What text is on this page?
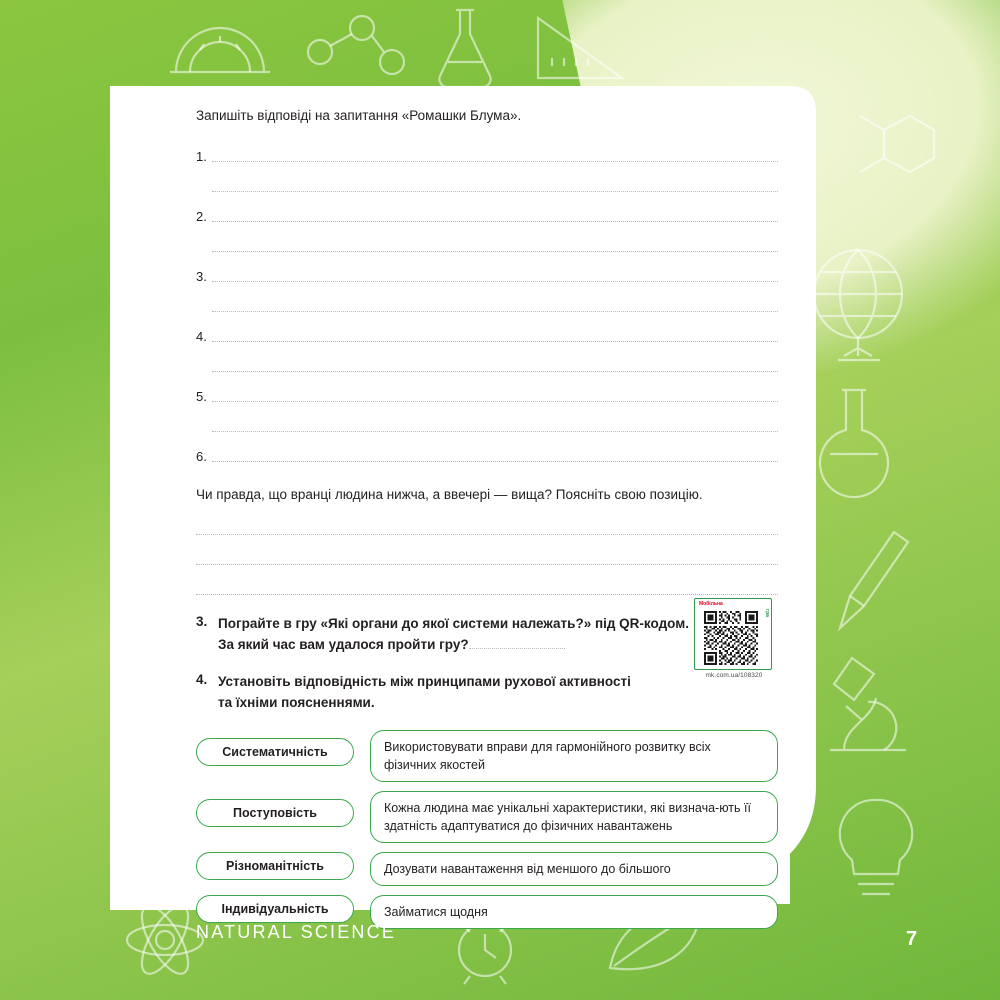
Запишіть відповіді на запитання «Ромашки Блума».

1.
2.
3.
4.
5.
6.

Чи правда, що вранці людина нижча, а ввечері — вища? Поясніть свою позицію.

3. Пограйте в гру «Які органи до якої системи належать?» під QR-кодом.
За який час вам удалося пройти гру?
4. Установіть відповідність між принципами рухової активності
та їхніми поясненнями.
Систематичність	Використовувати вправи для гармонійного розвитку всіх фізичних якостей
Поступовість	Кожна людина має унікальні характеристики, які визнача-ють її здатність адаптуватися до фізичних навантажень
Різноманітність	Дозувати навантаження від меншого до більшого
Індивідуальність	Займатися щодня
Мобільна
гра
mk.com.ua/108320
NATURAL SCIENCE	7
